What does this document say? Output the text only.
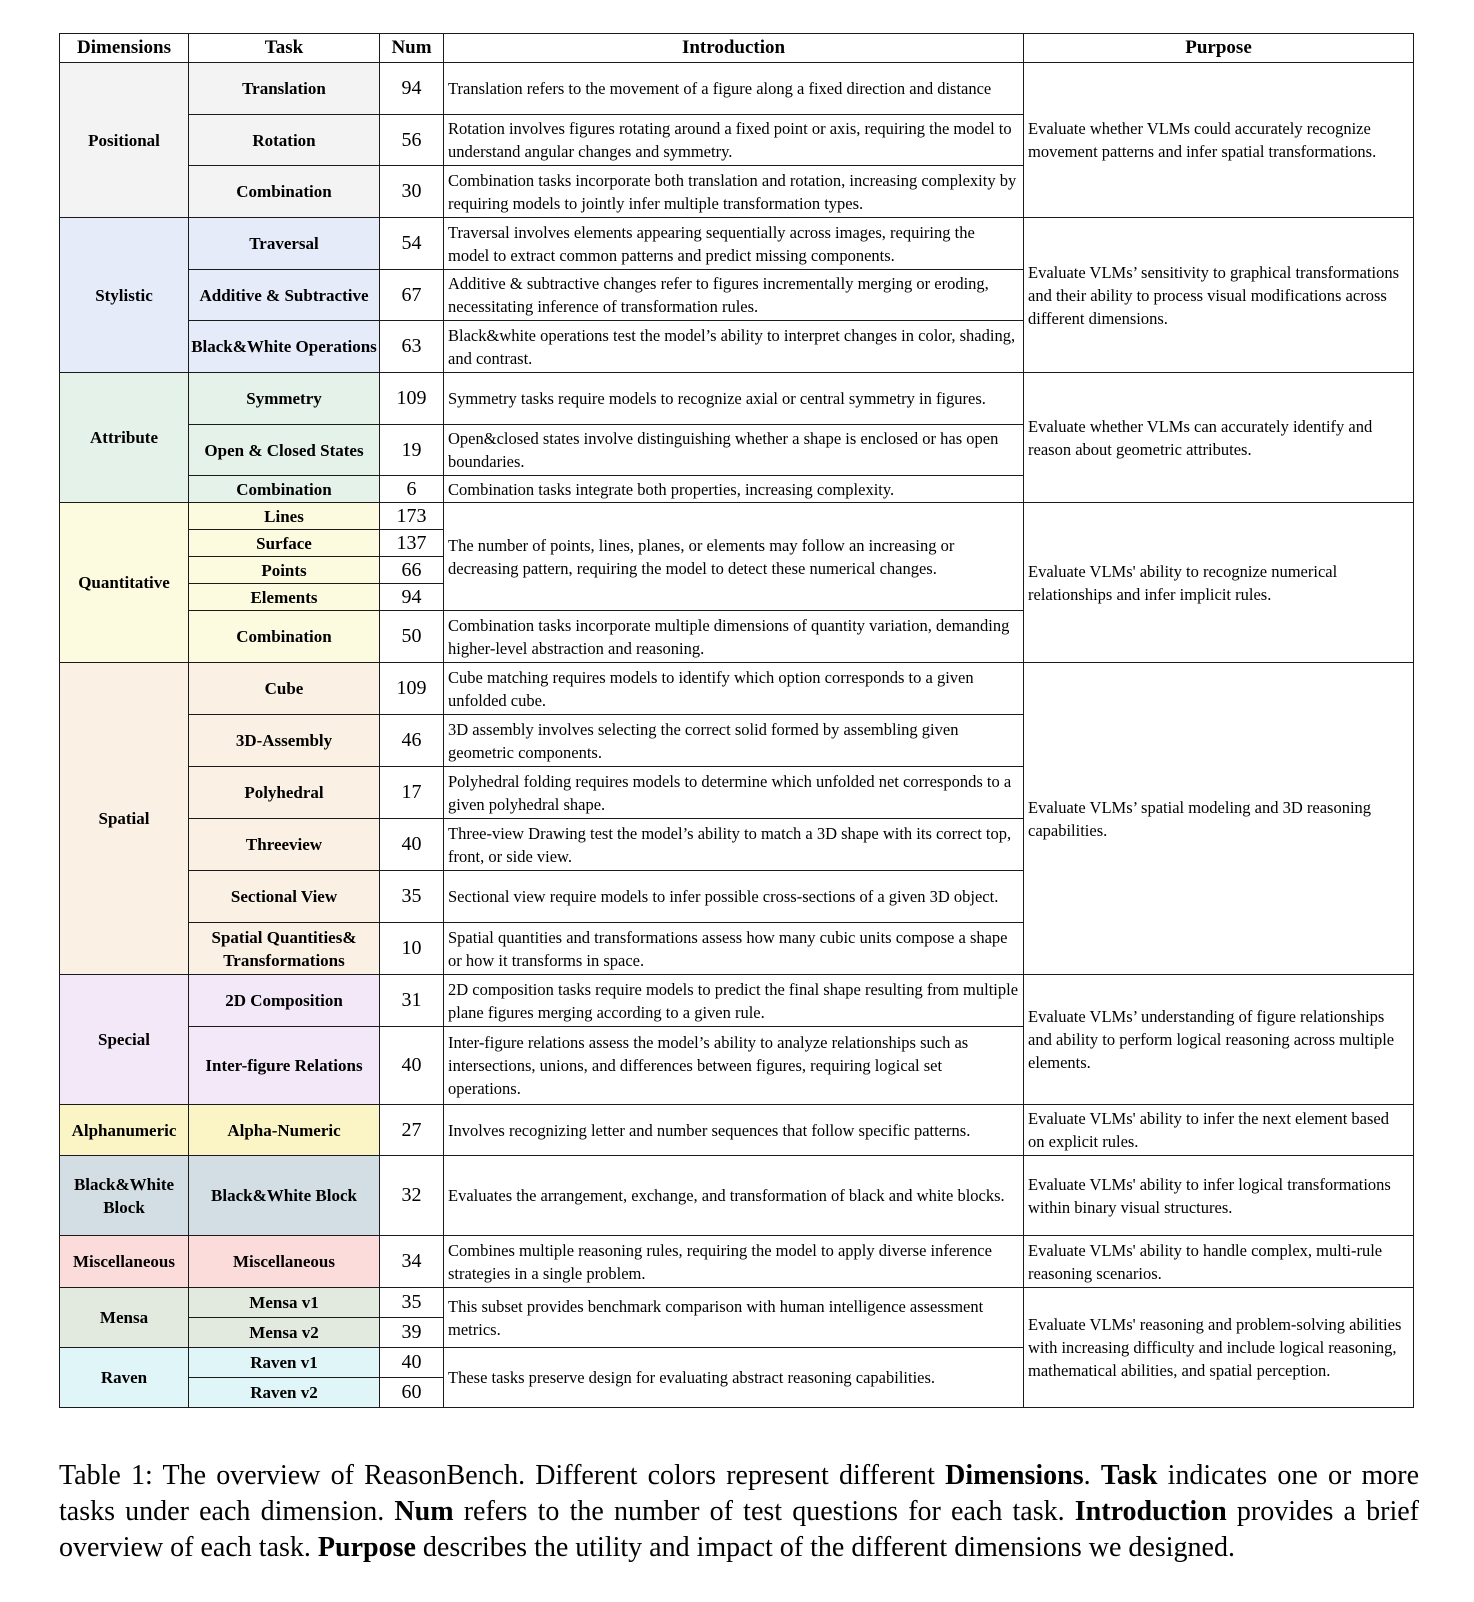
Dimensions	Task	Num	Introduction	Purpose
Positional	Translation	94	Translation refers to the movement of a figure along a fixed direction and distance	Evaluate whether VLMs could accurately recognize movement patterns and infer spatial transformations.
	Rotation	56	Rotation involves figures rotating around a fixed point or axis, requiring the model to understand angular changes and symmetry.	
	Combination	30	Combination tasks incorporate both translation and rotation, increasing complexity by requiring models to jointly infer multiple transformation types.	
Stylistic	Traversal	54	Traversal involves elements appearing sequentially across images, requiring the model to extract common patterns and predict missing components.	Evaluate VLMs’ sensitivity to graphical transformations and their ability to process visual modifications across different dimensions.
	Additive & Subtractive	67	Additive & subtractive changes refer to figures incrementally merging or eroding, necessitating inference of transformation rules.	
	Black&White Operations	63	Black&white operations test the model’s ability to interpret changes in color, shading, and contrast.	
Attribute	Symmetry	109	Symmetry tasks require models to recognize axial or central symmetry in figures.	Evaluate whether VLMs can accurately identify and reason about geometric attributes.
	Open & Closed States	19	Open&closed states involve distinguishing whether a shape is enclosed or has open boundaries.	
	Combination	6	Combination tasks integrate both properties, increasing complexity.	
Quantitative	Lines	173	The number of points, lines, planes, or elements may follow an increasing or decreasing pattern, requiring the model to detect these numerical changes.	Evaluate VLMs' ability to recognize numerical relationships and infer implicit rules.
	Surface	137		
	Points	66		
	Elements	94		
	Combination	50	Combination tasks incorporate multiple dimensions of quantity variation, demanding higher-level abstraction and reasoning.	
Spatial	Cube	109	Cube matching requires models to identify which option corresponds to a given unfolded cube.	Evaluate VLMs’ spatial modeling and 3D reasoning capabilities.
	3D-Assembly	46	3D assembly involves selecting the correct solid formed by assembling given geometric components.	
	Polyhedral	17	Polyhedral folding requires models to determine which unfolded net corresponds to a given polyhedral shape.	
	Threeview	40	Three-view Drawing test the model’s ability to match a 3D shape with its correct top, front, or side view.	
	Sectional View	35	Sectional view require models to infer possible cross-sections of a given 3D object.	
	Spatial Quantities& Transformations	10	Spatial quantities and transformations assess how many cubic units compose a shape or how it transforms in space.	
Special	2D Composition	31	2D composition tasks require models to predict the final shape resulting from multiple plane figures merging according to a given rule.	Evaluate VLMs’ understanding of figure relationships and ability to perform logical reasoning across multiple elements.
	Inter-figure Relations	40	Inter-figure relations assess the model’s ability to analyze relationships such as intersections, unions, and differences between figures, requiring logical set operations.	
Alphanumeric	Alpha-Numeric	27	Involves recognizing letter and number sequences that follow specific patterns.	Evaluate VLMs' ability to infer the next element based on explicit rules.
Black&White Block	Black&White Block	32	Evaluates the arrangement, exchange, and transformation of black and white blocks.	Evaluate VLMs' ability to infer logical transformations within binary visual structures.
Miscellaneous	Miscellaneous	34	Combines multiple reasoning rules, requiring the model to apply diverse inference strategies in a single problem.	Evaluate VLMs' ability to handle complex, multi-rule reasoning scenarios.
Mensa	Mensa v1	35	This subset provides benchmark comparison with human intelligence assessment metrics.	Evaluate VLMs' reasoning and problem-solving abilities with increasing difficulty and include logical reasoning, mathematical abilities, and spatial perception.
	Mensa v2	39		
Raven	Raven v1	40	These tasks preserve design for evaluating abstract reasoning capabilities.	
	Raven v2	60		
Table 1: The overview of ReasonBench. Different colors represent different Dimensions. Task indicates one or more tasks under each dimension. Num refers to the number of test questions for each task. Introduction provides a brief overview of each task. Purpose describes the utility and impact of the different dimensions we designed.
